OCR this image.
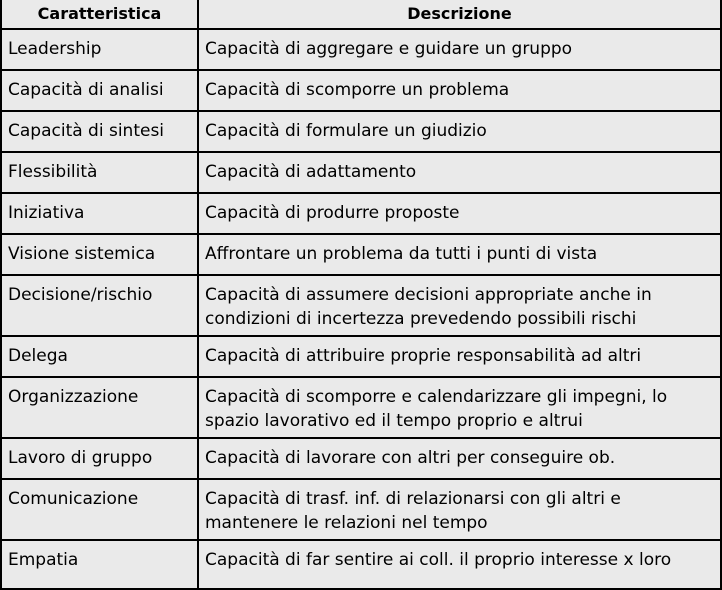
Caratteristica	Descrizione
Leadership	Capacità di aggregare e guidare un gruppo
Capacità di analisi	Capacità di scomporre un problema
Capacità di sintesi	Capacità di formulare un giudizio
Flessibilità	Capacità di adattamento
Iniziativa	Capacità di produrre proposte
Visione sistemica	Affrontare un problema da tutti i punti di vista
Decisione/rischio	Capacità di assumere decisioni appropriate anche in condizioni di incertezza prevedendo possibili rischi
Delega	Capacità di attribuire proprie responsabilità ad altri
Organizzazione	Capacità di scomporre e calendarizzare gli impegni, lo spazio lavorativo ed il tempo proprio e altrui
Lavoro di gruppo	Capacità di lavorare con altri per conseguire ob.
Comunicazione	Capacità di trasf. inf. di relazionarsi con gli altri e mantenere le relazioni nel tempo
Empatia	Capacità di far sentire ai coll. il proprio interesse x loro
